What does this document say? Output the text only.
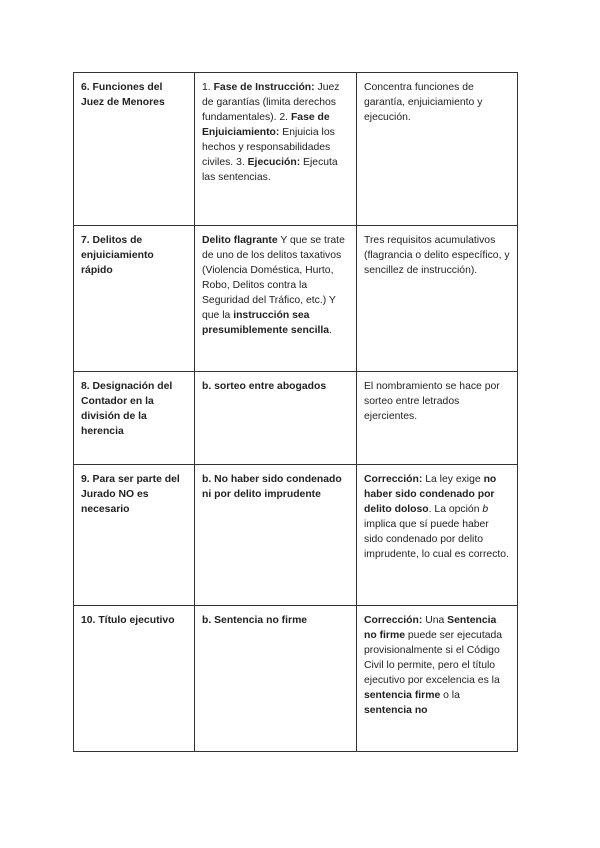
6. Funciones del Juez de Menores	1. Fase de Instrucción: Juez de garantías (limita derechos fundamentales). 2. Fase de Enjuiciamiento: Enjuicia los hechos y responsabilidades civiles. 3. Ejecución: Ejecuta las sentencias.	Concentra funciones de garantía, enjuiciamiento y ejecución.
7. Delitos de enjuiciamiento rápido	Delito flagrante Y que se trate de uno de los delitos taxativos (Violencia Doméstica, Hurto, Robo, Delitos contra la Seguridad del Tráfico, etc.) Y que la instrucción sea presumiblemente sencilla.	Tres requisitos acumulativos (flagrancia o delito específico, y sencillez de instrucción).
8. Designación del Contador en la división de la herencia	b. sorteo entre abogados	El nombramiento se hace por sorteo entre letrados ejercientes.
9. Para ser parte del Jurado NO es necesario	b. No haber sido condenado ni por delito imprudente	Corrección: La ley exige no haber sido condenado por delito doloso. La opción b implica que sí puede haber sido condenado por delito imprudente, lo cual es correcto.
10. Título ejecutivo	b. Sentencia no firme	Corrección: Una Sentencia no firme puede ser ejecutada provisionalmente si el Código Civil lo permite, pero el título ejecutivo por excelencia es la sentencia firme o la sentencia no
